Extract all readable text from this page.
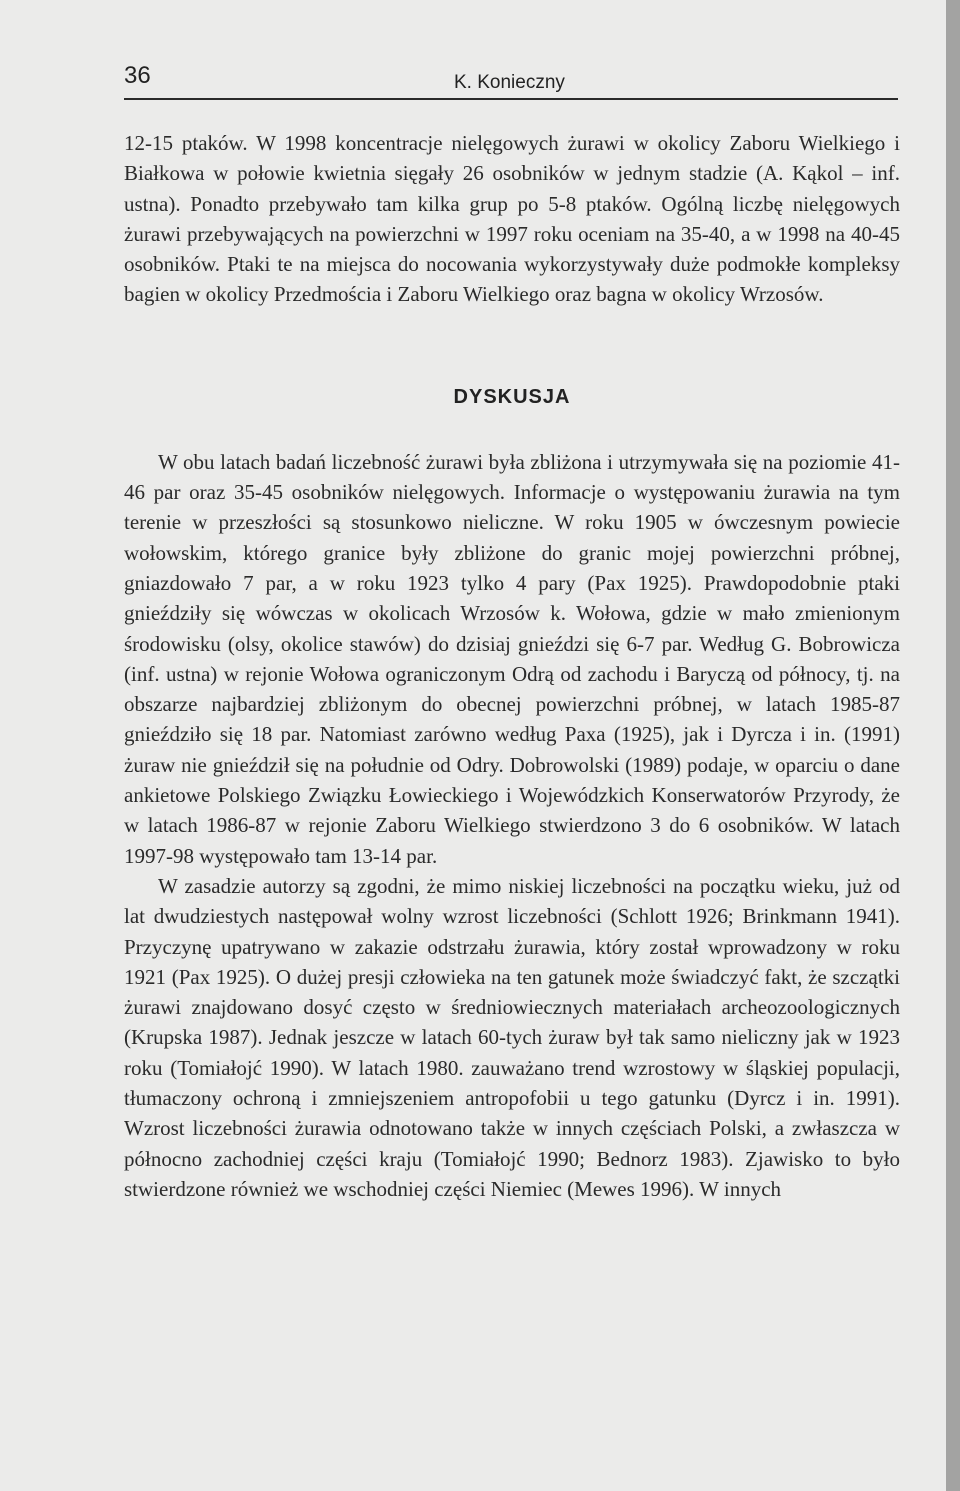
36	K. Konieczny

12-15 ptaków. W 1998 koncentracje nielęgowych żurawi w okolicy Zaboru Wielkiego i Białkowa w połowie kwietnia sięgały 26 osobników w jednym stadzie (A. Kąkol – inf. ustna). Ponadto przebywało tam kilka grup po 5-8 ptaków. Ogólną liczbę nielęgowych żurawi przebywających na powierzchni w 1997 roku oceniam na 35-40, a w 1998 na 40-45 osobników. Ptaki te na miejsca do nocowania wykorzystywały duże podmokłe kompleksy bagien w okolicy Przedmościa i Zaboru Wielkiego oraz bagna w okolicy Wrzosów.

DYSKUSJA

W obu latach badań liczebność żurawi była zbliżona i utrzymywała się na poziomie 41-46 par oraz 35-45 osobników nielęgowych. Informacje o występowaniu żurawia na tym terenie w przeszłości są stosunkowo nieliczne. W roku 1905 w ówczesnym powiecie wołowskim, którego granice były zbliżone do granic mojej powierzchni próbnej, gniazdowało 7 par, a w roku 1923 tylko 4 pary (Pax 1925). Prawdopodobnie ptaki gnieździły się wówczas w okolicach Wrzosów k. Wołowa, gdzie w mało zmienionym środowisku (olsy, okolice stawów) do dzisiaj gnieździ się 6-7 par. Według G. Bobrowicza (inf. ustna) w rejonie Wołowa ograniczonym Odrą od zachodu i Baryczą od północy, tj. na obszarze najbardziej zbliżonym do obecnej powierzchni próbnej, w latach 1985-87 gnieździło się 18 par. Natomiast zarówno według Paxa (1925), jak i Dyrcza i in. (1991) żuraw nie gnieździł się na południe od Odry. Dobrowolski (1989) podaje, w oparciu o dane ankietowe Polskiego Związku Łowieckiego i Wojewódzkich Konserwatorów Przyrody, że w latach 1986-87 w rejonie Zaboru Wielkiego stwierdzono 3 do 6 osobników. W latach 1997-98 występowało tam 13-14 par.

W zasadzie autorzy są zgodni, że mimo niskiej liczebności na początku wieku, już od lat dwudziestych następował wolny wzrost liczebności (Schlott 1926; Brinkmann 1941). Przyczynę upatrywano w zakazie odstrzału żurawia, który został wprowadzony w roku 1921 (Pax 1925). O dużej presji człowieka na ten gatunek może świadczyć fakt, że szczątki żurawi znajdowano dosyć często w średniowiecznych materiałach archeozoologicznych (Krupska 1987). Jednak jeszcze w latach 60-tych żuraw był tak samo nieliczny jak w 1923 roku (Tomiałojć 1990). W latach 1980. zauważano trend wzrostowy w śląskiej populacji, tłumaczony ochroną i zmniejszeniem antropofobii u tego gatunku (Dyrcz i in. 1991). Wzrost liczebności żurawia odnotowano także w innych częściach Polski, a zwłaszcza w północno zachodniej części kraju (Tomiałojć 1990; Bednorz 1983). Zjawisko to było stwierdzone również we wschodniej części Niemiec (Mewes 1996). W innych
